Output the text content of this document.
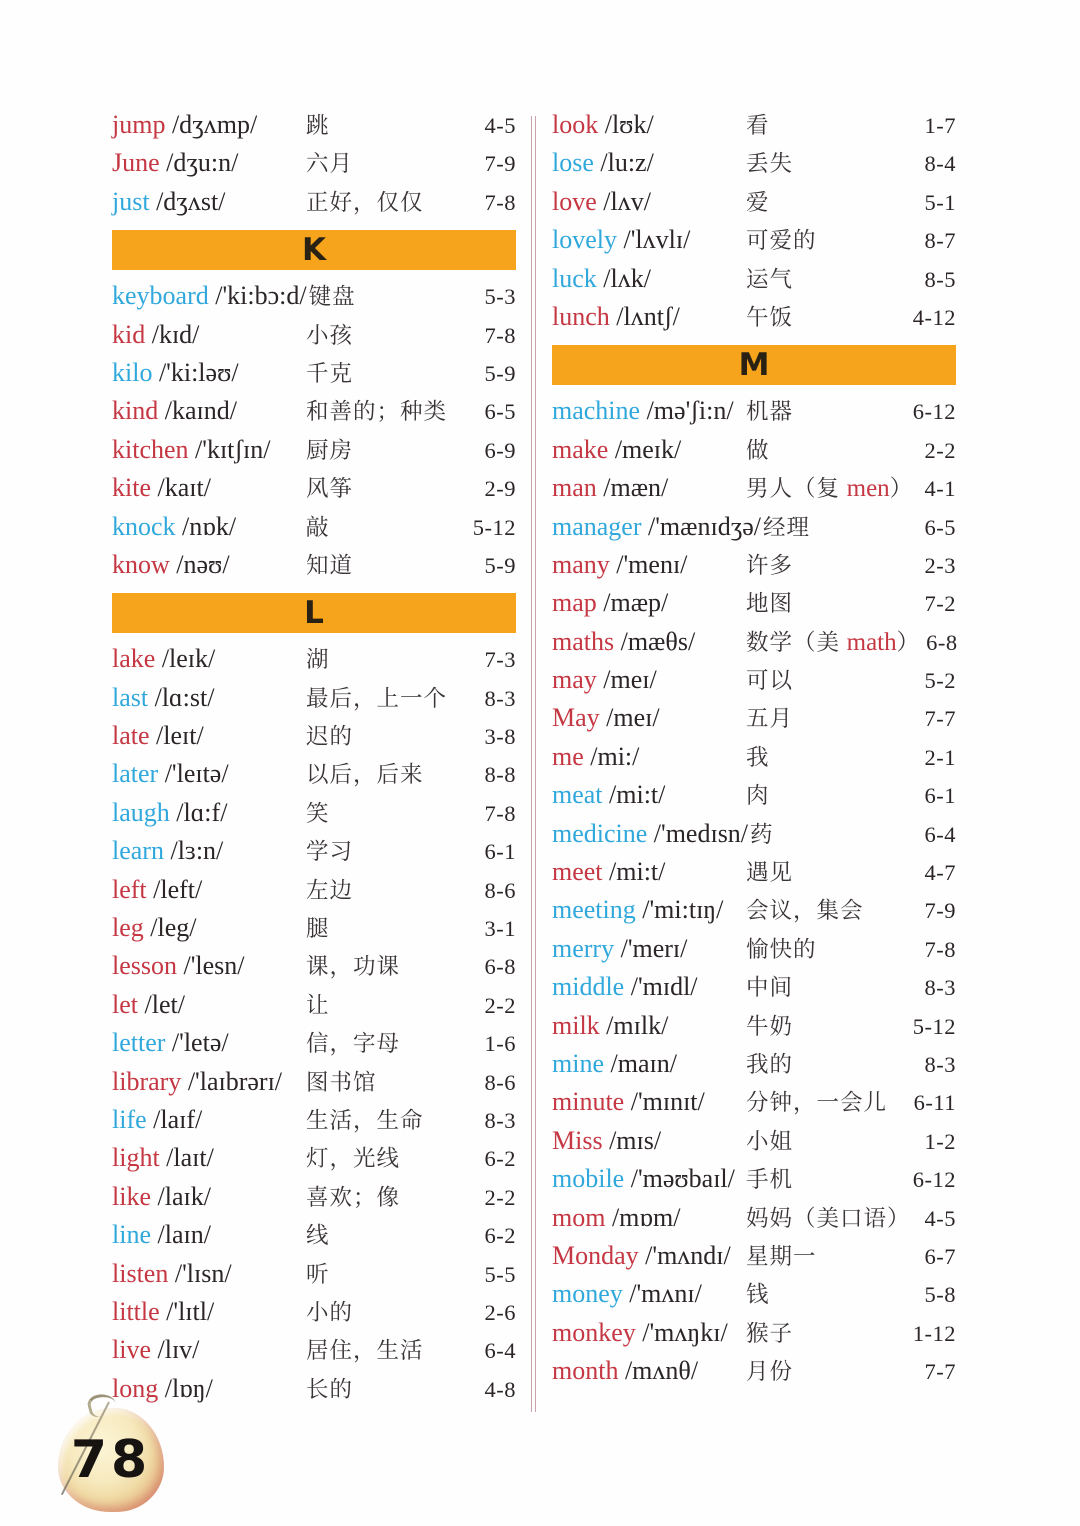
jump /dʒʌmp/	跳	4-5
June /dʒu:n/	六月	7-9
just /dʒʌst/	正好，仅仅	7-8
K
keyboard /'ki:bɔ:d/ 键盘	5-3
kid /kɪd/	小孩	7-8
kilo /'ki:ləʊ/	千克	5-9
kind /kaɪnd/	和善的；种类	6-5
kitchen /'kɪtʃɪn/	厨房	6-9
kite /kaɪt/	风筝	2-9
knock /nɒk/	敲	5-12
know /nəʊ/	知道	5-9
L
lake /leɪk/	湖	7-3
last /lɑ:st/	最后，上一个	8-3
late /leɪt/	迟的	3-8
later /'leɪtə/	以后，后来	8-8
laugh /lɑ:f/	笑	7-8
learn /lɜ:n/	学习	6-1
left /left/	左边	8-6
leg /leg/	腿	3-1
lesson /'lesn/	课，功课	6-8
let /let/	让	2-2
letter /'letə/	信，字母	1-6
library /'laɪbrərɪ/	图书馆	8-6
life /laɪf/	生活，生命	8-3
light /laɪt/	灯，光线	6-2
like /laɪk/	喜欢；像	2-2
line /laɪn/	线	6-2
listen /'lɪsn/	听	5-5
little /'lɪtl/	小的	2-6
live /lɪv/	居住，生活	6-4
long /lɒŋ/	长的	4-8
look /lʊk/	看	1-7
lose /lu:z/	丢失	8-4
love /lʌv/	爱	5-1
lovely /'lʌvlɪ/	可爱的	8-7
luck /lʌk/	运气	8-5
lunch /lʌntʃ/	午饭	4-12
M
machine /mə'ʃi:n/ 机器	6-12
make /meɪk/	做	2-2
man /mæn/	男人（复 men） 4-1
manager /'mænɪdʒə/ 经理	6-5
many /'menɪ/	许多	2-3
map /mæp/	地图	7-2
maths /mæθs/	数学（美 math） 6-8
may /meɪ/	可以	5-2
May /meɪ/	五月	7-7
me /mi:/	我	2-1
meat /mi:t/	肉	6-1
medicine /'medɪsn/ 药	6-4
meet /mi:t/	遇见	4-7
meeting /'mi:tɪŋ/	会议，集会	7-9
merry /'merɪ/	愉快的	7-8
middle /'mɪdl/	中间	8-3
milk /mɪlk/	牛奶	5-12
mine /maɪn/	我的	8-3
minute /'mɪnɪt/	分钟，一会儿	6-11
Miss /mɪs/	小姐	1-2
mobile /'məʊbaɪl/ 手机	6-12
mom /mɒm/	妈妈（美口语） 4-5
Monday /'mʌndɪ/ 星期一	6-7
money /'mʌnɪ/	钱	5-8
monkey /'mʌŋkɪ/ 猴子	1-12
month /mʌnθ/	月份	7-7
78
